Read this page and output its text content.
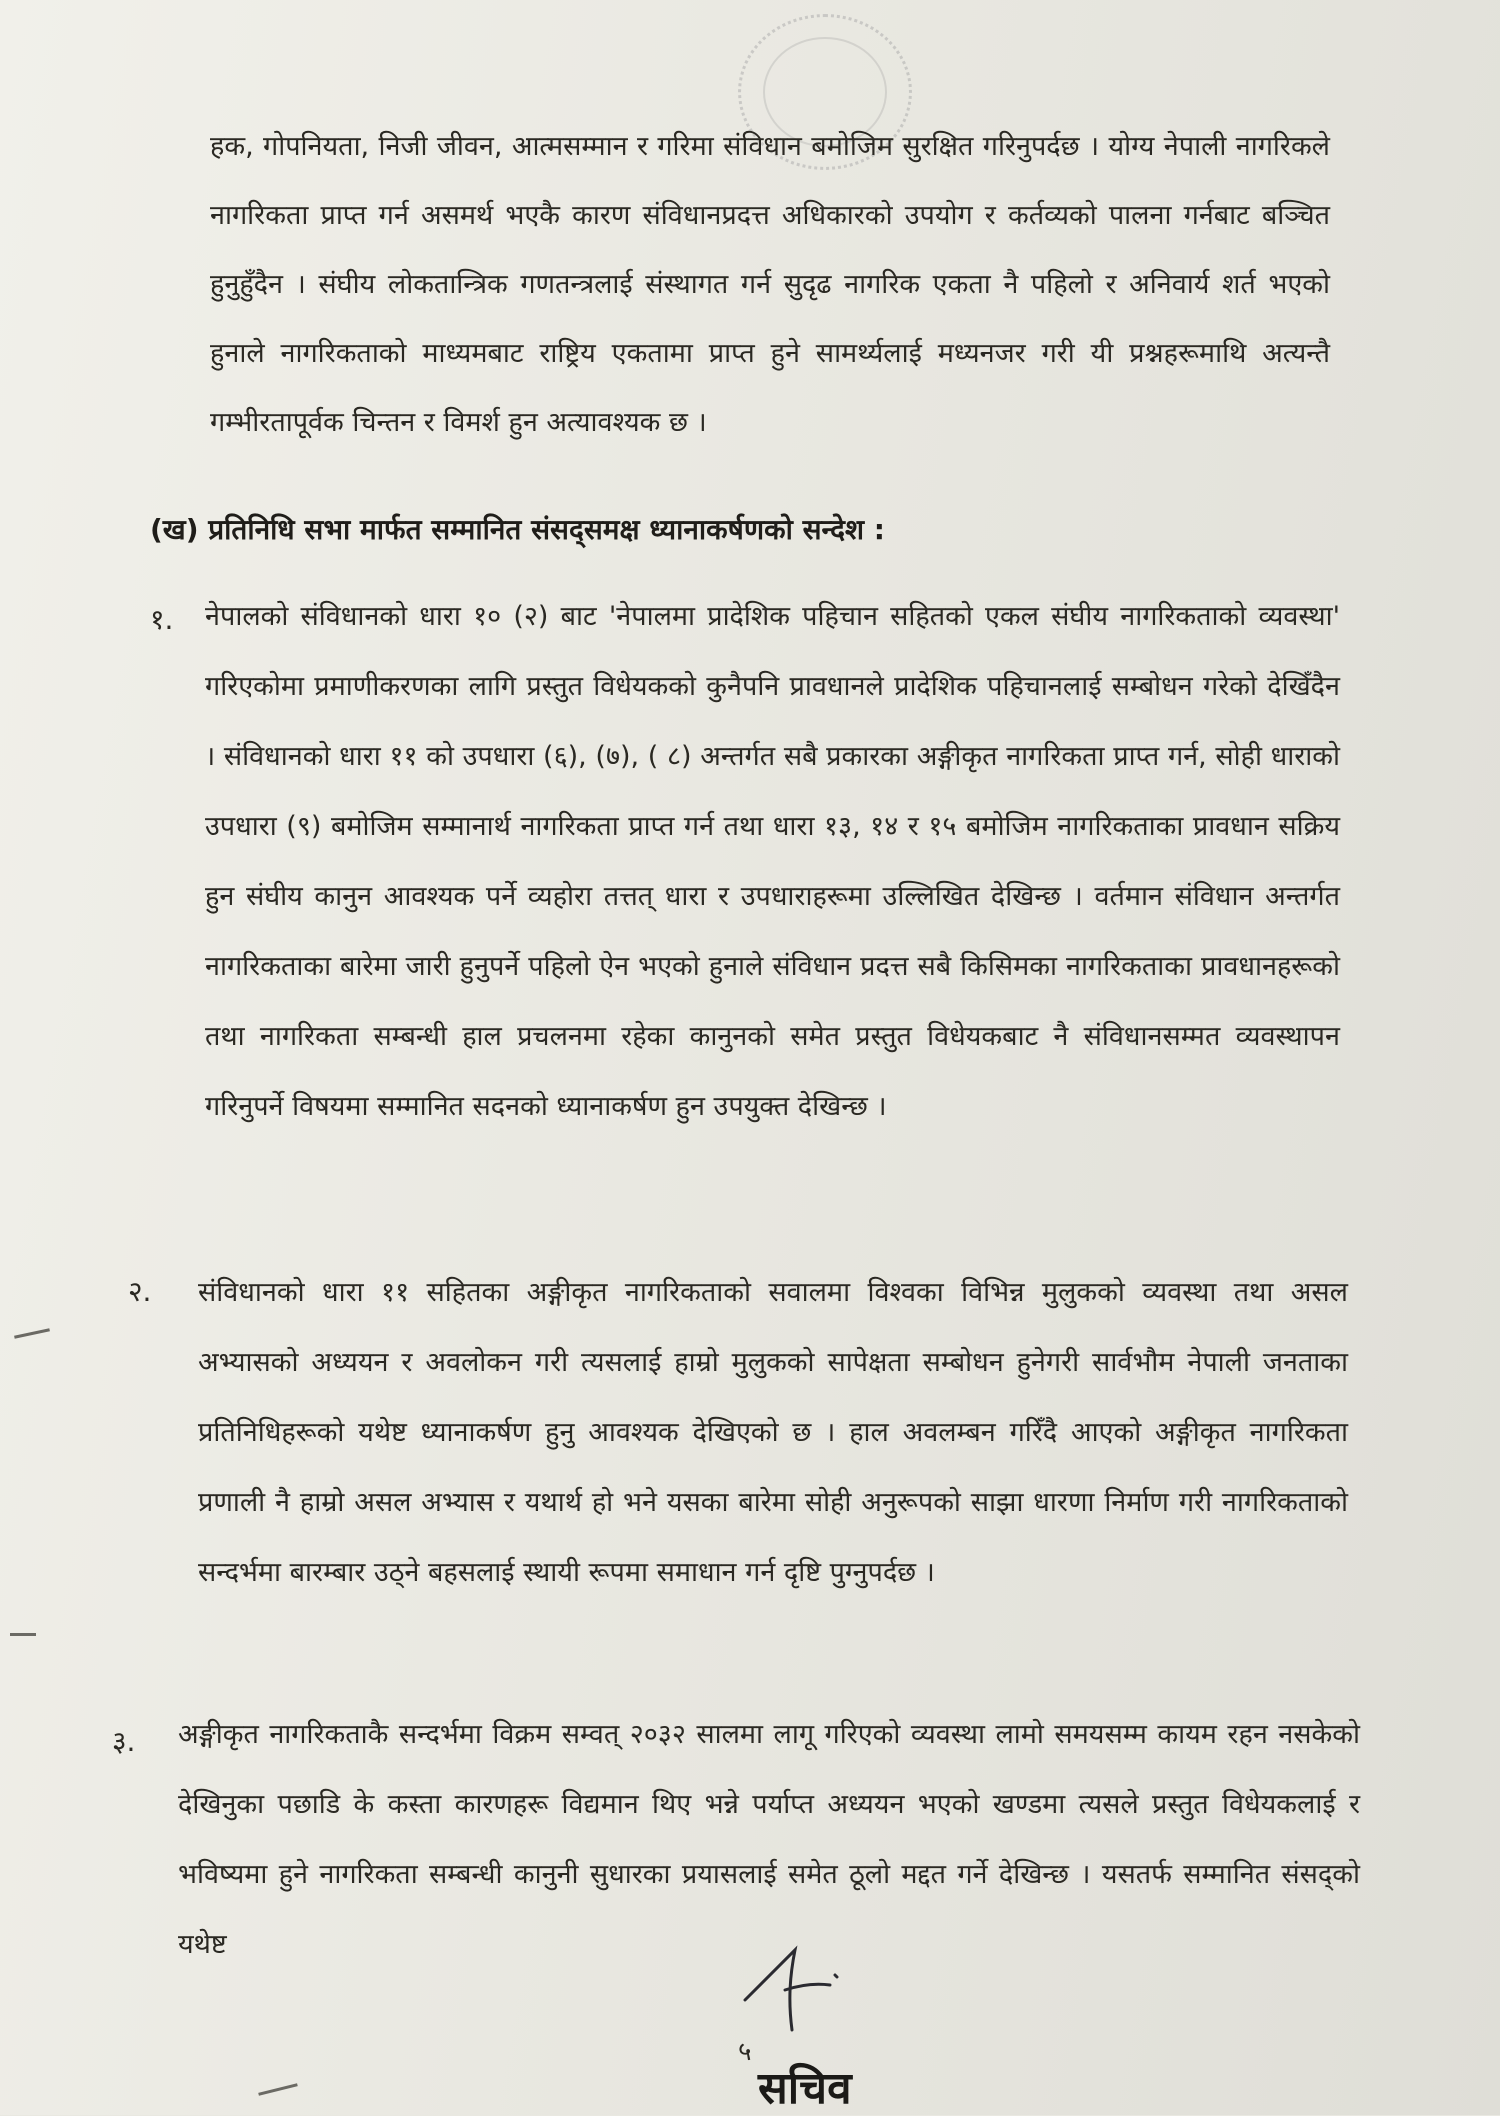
हक, गोपनियता, निजी जीवन, आत्मसम्मान र गरिमा संविधान बमोजिम सुरक्षित गरिनुपर्दछ । योग्य नेपाली नागरिकले नागरिकता प्राप्त गर्न असमर्थ भएकै कारण संविधानप्रदत्त अधिकारको उपयोग र कर्तव्यको पालना गर्नबाट बञ्चित हुनुहुँदैन । संघीय लोकतान्त्रिक गणतन्त्रलाई संस्थागत गर्न सुदृढ नागरिक एकता नै पहिलो र अनिवार्य शर्त भएको हुनाले नागरिकताको माध्यमबाट राष्ट्रिय एकतामा प्राप्त हुने सामर्थ्यलाई मध्यनजर गरी यी प्रश्नहरूमाथि अत्यन्तै गम्भीरतापूर्वक चिन्तन र विमर्श हुन अत्यावश्यक छ ।
(ख) प्रतिनिधि सभा मार्फत सम्मानित संसद्समक्ष ध्यानाकर्षणको सन्देश :
१. नेपालको संविधानको धारा १० (२) बाट 'नेपालमा प्रादेशिक पहिचान सहितको एकल संघीय नागरिकताको व्यवस्था' गरिएकोमा प्रमाणीकरणका लागि प्रस्तुत विधेयकको कुनैपनि प्रावधानले प्रादेशिक पहिचानलाई सम्बोधन गरेको देखिँदैन । संविधानको धारा ११ को उपधारा (६), (७), ( ८) अन्तर्गत सबै प्रकारका अङ्गीकृत नागरिकता प्राप्त गर्न, सोही धाराको उपधारा (९) बमोजिम सम्मानार्थ नागरिकता प्राप्त गर्न तथा धारा १३, १४ र १५ बमोजिम नागरिकताका प्रावधान सक्रिय हुन संघीय कानुन आवश्यक पर्ने व्यहोरा तत्तत् धारा र उपधाराहरूमा उल्लिखित देखिन्छ । वर्तमान संविधान अन्तर्गत नागरिकताका बारेमा जारी हुनुपर्ने पहिलो ऐन भएको हुनाले संविधान प्रदत्त सबै किसिमका नागरिकताका प्रावधानहरूको तथा नागरिकता सम्बन्धी हाल प्रचलनमा रहेका कानुनको समेत प्रस्तुत विधेयकबाट नै संविधानसम्मत व्यवस्थापन गरिनुपर्ने विषयमा सम्मानित सदनको ध्यानाकर्षण हुन उपयुक्त देखिन्छ ।
२. संविधानको धारा ११ सहितका अङ्गीकृत नागरिकताको सवालमा विश्वका विभिन्न मुलुकको व्यवस्था तथा असल अभ्यासको अध्ययन र अवलोकन गरी त्यसलाई हाम्रो मुलुकको सापेक्षता सम्बोधन हुनेगरी सार्वभौम नेपाली जनताका प्रतिनिधिहरूको यथेष्ट ध्यानाकर्षण हुनु आवश्यक देखिएको छ । हाल अवलम्बन गरिँदै आएको अङ्गीकृत नागरिकता प्रणाली नै हाम्रो असल अभ्यास र यथार्थ हो भने यसका बारेमा सोही अनुरूपको साझा धारणा निर्माण गरी नागरिकताको सन्दर्भमा बारम्बार उठ्ने बहसलाई स्थायी रूपमा समाधान गर्न दृष्टि पुग्नुपर्दछ ।
३. अङ्गीकृत नागरिकताकै सन्दर्भमा विक्रम सम्वत् २०३२ सालमा लागू गरिएको व्यवस्था लामो समयसम्म कायम रहन नसकेको देखिनुका पछाडि के कस्ता कारणहरू विद्यमान थिए भन्ने पर्याप्त अध्ययन भएको खण्डमा त्यसले प्रस्तुत विधेयकलाई र भविष्यमा हुने नागरिकता सम्बन्धी कानुनी सुधारका प्रयासलाई समेत ठूलो मद्दत गर्ने देखिन्छ । यसतर्फ सम्मानित संसद्को यथेष्ट
५
सचिव
